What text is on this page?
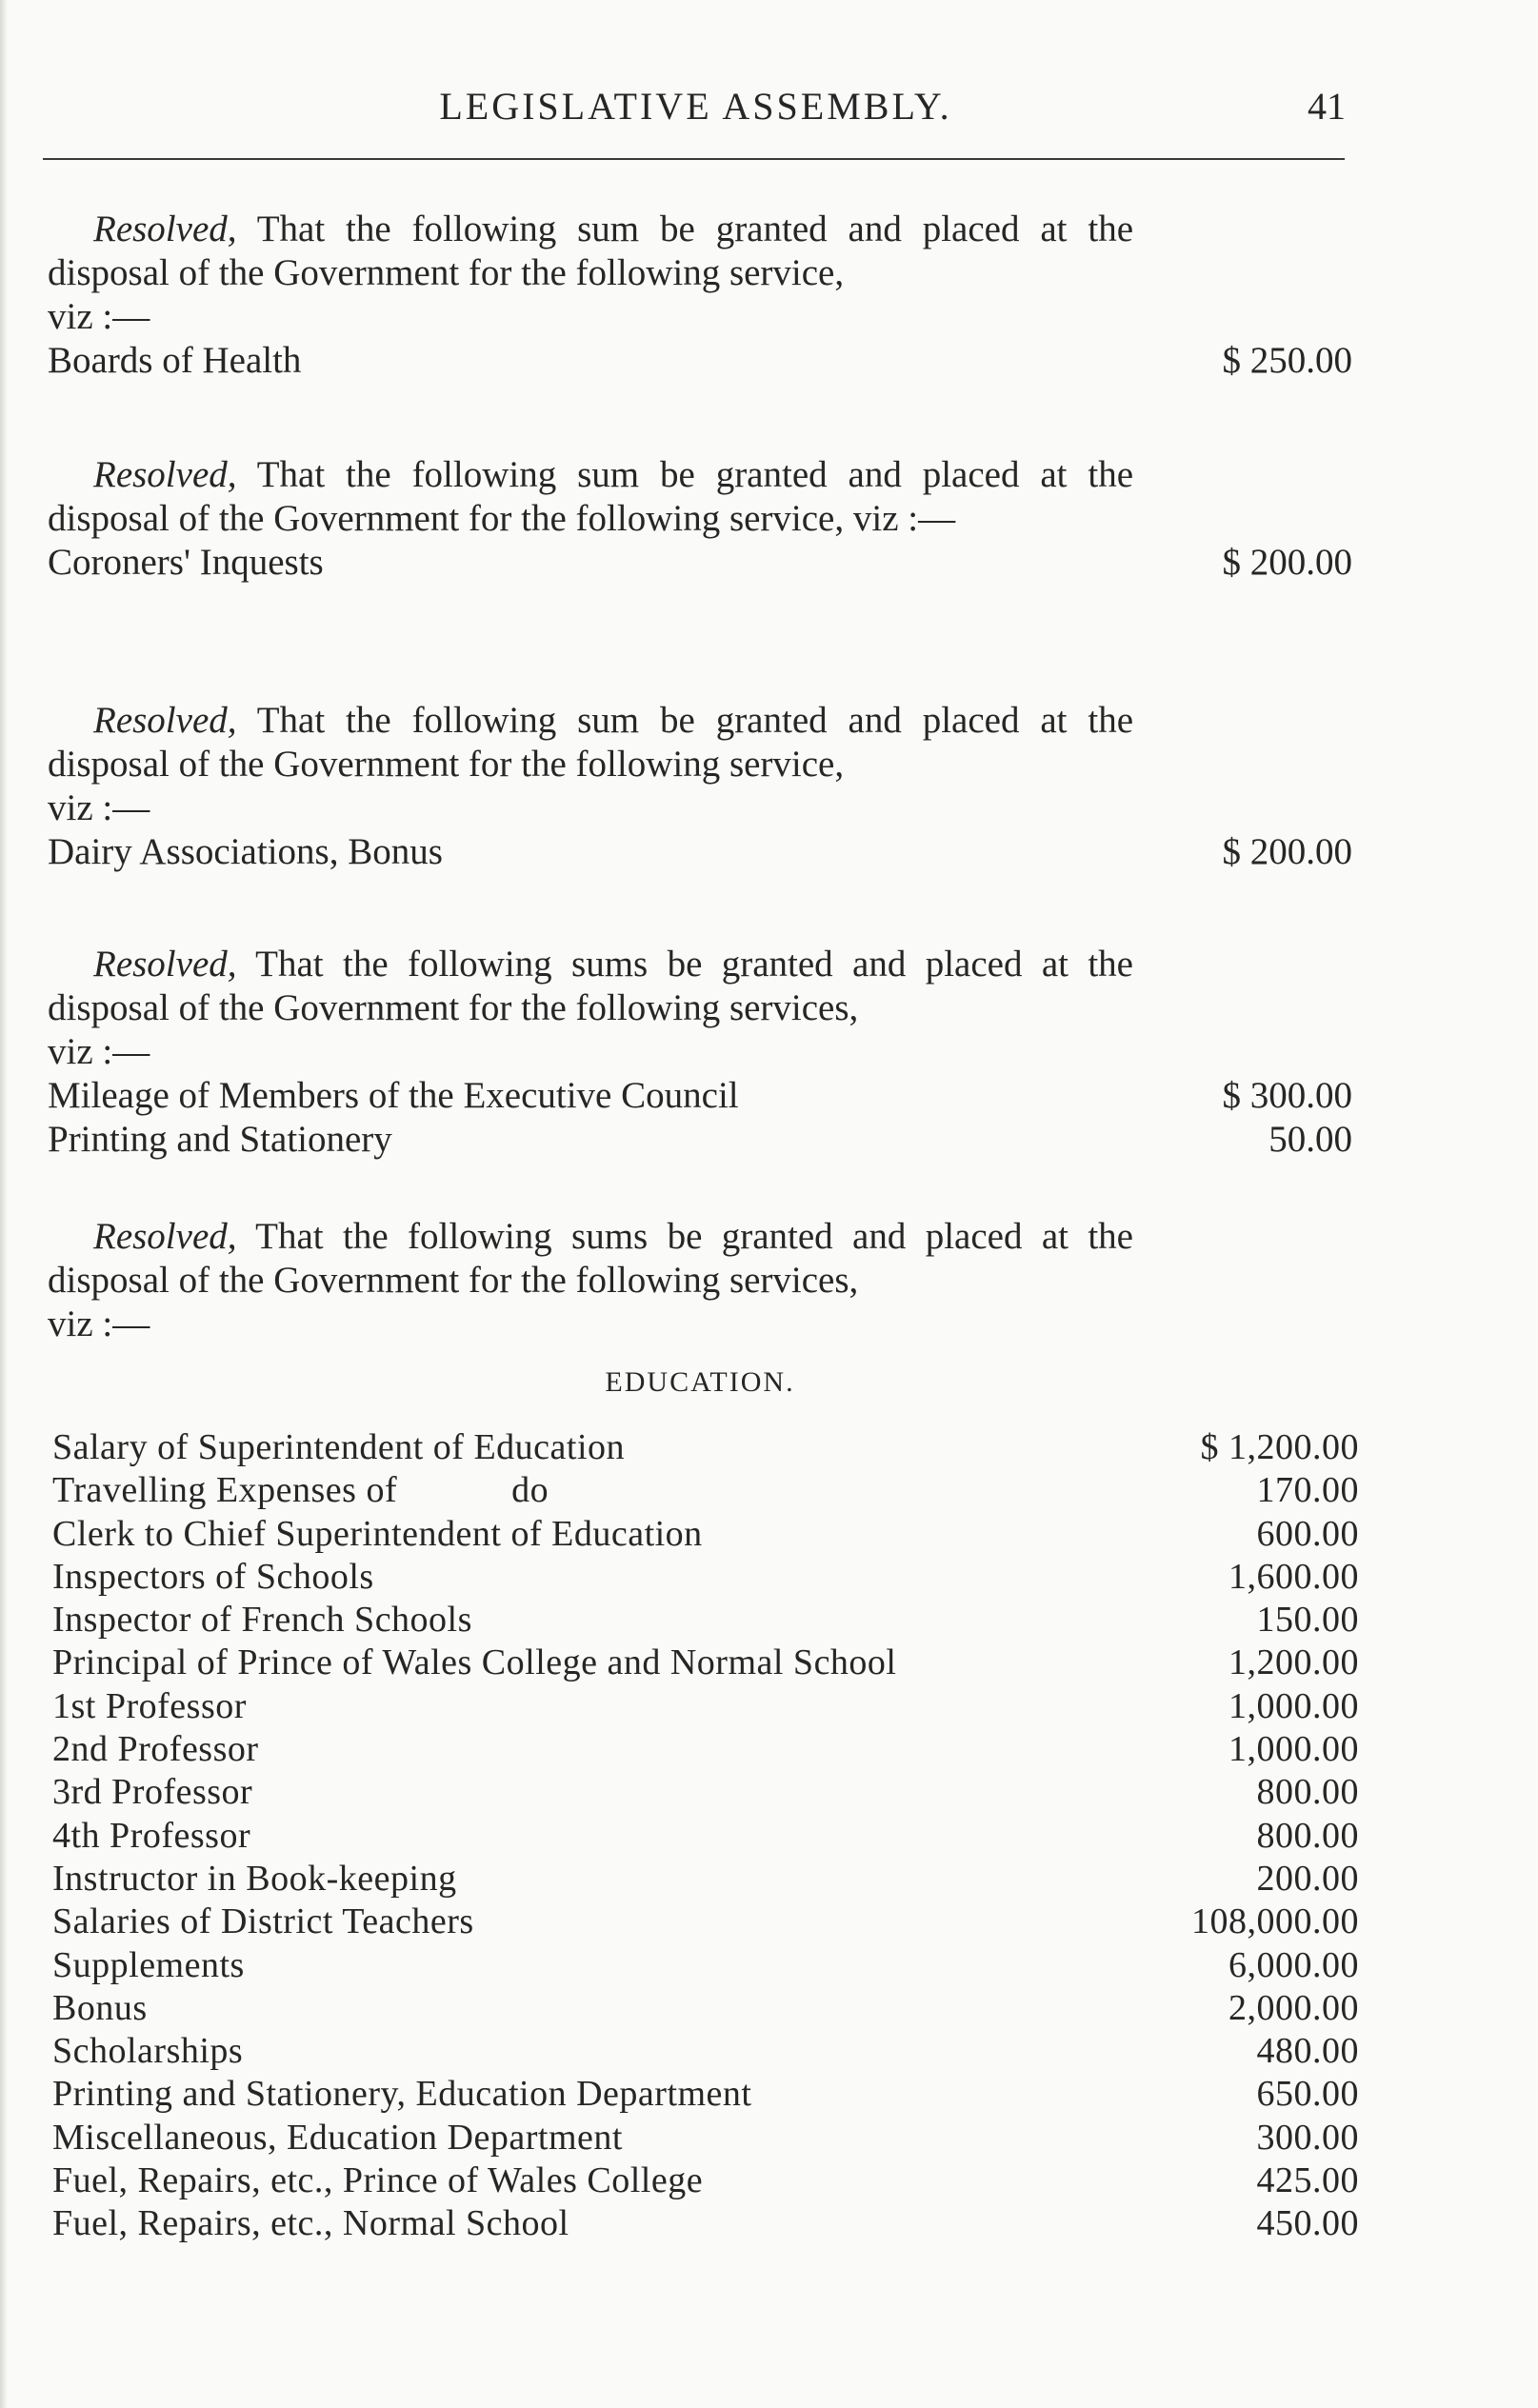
LEGISLATIVE ASSEMBLY.	41
Resolved, That the following sum be granted and placed at the disposal of the Government for the following service,
viz :—
Boards of Health	$ 250.00
Resolved, That the following sum be granted and placed at the disposal of the Government for the following service, viz :—
Coroners' Inquests	$ 200.00
Resolved, That the following sum be granted and placed at the disposal of the Government for the following service,
viz :—
Dairy Associations, Bonus	$ 200.00
Resolved, That the following sums be granted and placed at the disposal of the Government for the following services,
viz :—
Mileage of Members of the Executive Council	$ 300.00
Printing and Stationery	50.00
Resolved, That the following sums be granted and placed at the disposal of the Government for the following services,
viz :—
EDUCATION.
Salary of Superintendent of Education	$ 1,200.00
Travelling Expenses of            do	170.00
Clerk to Chief Superintendent of Education	600.00
Inspectors of Schools	1,600.00
Inspector of French Schools	150.00
Principal of Prince of Wales College and Normal School	1,200.00
1st Professor	1,000.00
2nd Professor	1,000.00
3rd Professor	800.00
4th Professor	800.00
Instructor in Book-keeping	200.00
Salaries of District Teachers	108,000.00
Supplements	6,000.00
Bonus	2,000.00
Scholarships	480.00
Printing and Stationery, Education Department	650.00
Miscellaneous, Education Department	300.00
Fuel, Repairs, etc., Prince of Wales College	425.00
Fuel, Repairs, etc., Normal School	450.00
